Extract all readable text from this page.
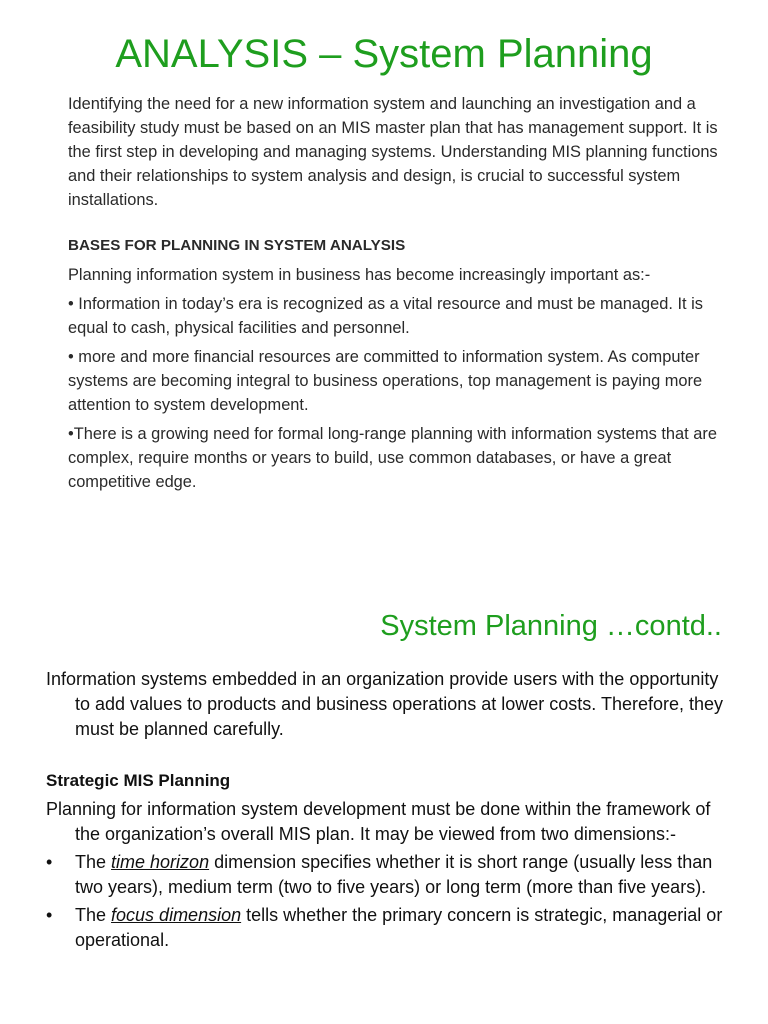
ANALYSIS – System Planning

Identifying the need for a new information system and launching an investigation and a feasibility study must be based on an MIS master plan that has management support. It is the first step in developing and managing systems. Understanding MIS planning functions and their relationships to system analysis and design, is crucial to successful system installations.

BASES FOR PLANNING IN SYSTEM ANALYSIS

Planning information system in business has become increasingly important as:-

• Information in today’s era is recognized as a vital resource and must be managed. It is equal to cash, physical facilities and personnel.

• more and more financial resources are committed to information system. As computer systems are becoming integral to business operations, top management is paying more attention to system development.

•There is a growing need for formal long-range planning with information systems that are complex, require months or years to build, use common databases, or have a great competitive edge.

System Planning …contd..

Information systems embedded in an organization provide users with the opportunity to add values to products and business operations at lower costs. Therefore, they must be planned carefully.

Strategic MIS Planning

Planning for information system development must be done within the framework of the organization’s overall MIS plan. It may be viewed from two dimensions:-

• The time horizon dimension specifies whether it is short range (usually less than two years), medium term (two to five years) or long term (more than five years).
• The focus dimension tells whether the primary concern is strategic, managerial or operational.
